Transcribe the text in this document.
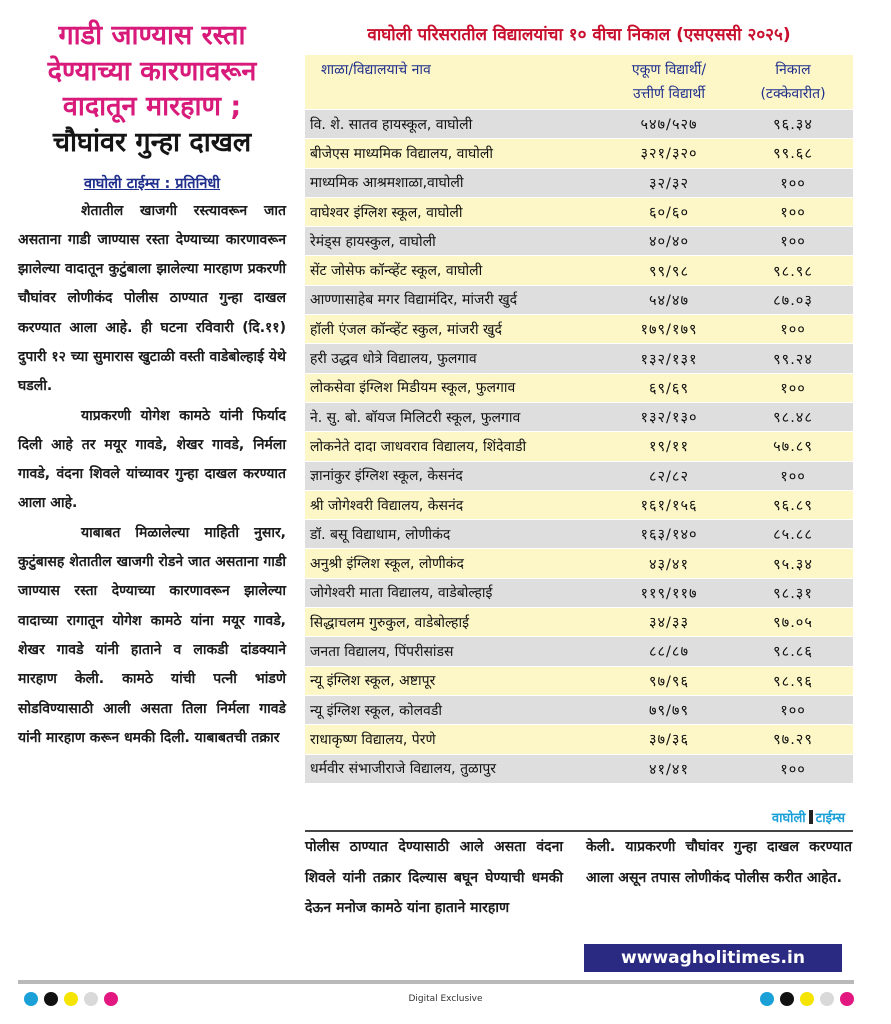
गाडी जाण्यास रस्ता
देण्याच्या कारणावरून
वादातून मारहाण ;
चौघांवर गुन्हा दाखल
वाघोली टाईम्स : प्रतिनिधी

शेतातील खाजगी रस्त्यावरून जात असताना गाडी जाण्यास रस्ता देण्याच्या कारणावरून झालेल्या वादातून कुटुंबाला झालेल्या मारहाण प्रकरणी चौघांवर लोणीकंद पोलीस ठाण्यात गुन्हा दाखल करण्यात आला आहे. ही घटना रविवारी (दि.११) दुपारी १२ च्या सुमारास खुटाळी वस्ती वाडेबोल्हाई येथे घडली.

याप्रकरणी योगेश कामठे यांनी फिर्याद दिली आहे तर मयूर गावडे, शेखर गावडे, निर्मला गावडे, वंदना शिवले यांच्यावर गुन्हा दाखल करण्यात आला आहे.

याबाबत मिळालेल्या माहिती नुसार, कुटुंबासह शेतातील खाजगी रोडने जात असताना गाडी जाण्यास रस्ता देण्याच्या कारणावरून झालेल्या वादाच्या रागातून योगेश कामठे यांना मयूर गावडे, शेखर गावडे यांनी हाताने व लाकडी दांडक्याने मारहाण केली. कामठे यांची पत्नी भांडणे सोडविण्यासाठी आली असता तिला निर्मला गावडे यांनी मारहाण करून धमकी दिली. याबाबतची तक्रार

वाघोली परिसरातील विद्यालयांचा १० वीचा निकाल (एसएससी २०२५)
शाळा/विद्यालयाचे नाव	एकूण विद्यार्थी/
उत्तीर्ण विद्यार्थी	निकाल
(टक्केवारीत)
वि. शे. सातव हायस्कूल, वाघोली	५४७/५२७	९६.३४
बीजेएस माध्यमिक विद्यालय, वाघोली	३२१/३२०	९९.६८
माध्यमिक आश्रमशाळा,वाघोली	३२/३२	१००
वाघेश्वर इंग्लिश स्कूल, वाघोली	६०/६०	१००
रेमंड्स हायस्कुल, वाघोली	४०/४०	१००
सेंट जोसेफ कॉन्व्हेंट स्कूल, वाघोली	९९/९८	९८.९८
आण्णासाहेब मगर विद्यामंदिर, मांजरी खुर्द	५४/४७	८७.०३
हॉली एंजल कॉन्व्हेंट स्कुल, मांजरी खुर्द	१७९/१७९	१००
हरी उद्धव धोत्रे विद्यालय, फुलगाव	१३२/१३१	९९.२४
लोकसेवा इंग्लिश मिडीयम स्कूल, फुलगाव	६९/६९	१००
ने. सु. बो. बॉयज मिलिटरी स्कूल, फुलगाव	१३२/१३०	९८.४८
लोकनेते दादा जाधवराव विद्यालय, शिंदेवाडी	१९/११	५७.८९
ज्ञानांकुर इंग्लिश स्कूल, केसनंद	८२/८२	१००
श्री जोगेश्वरी विद्यालय, केसनंद	१६१/१५६	९६.८९
डॉ. बसू विद्याधाम, लोणीकंद	१६३/१४०	८५.८८
अनुश्री इंग्लिश स्कूल, लोणीकंद	४३/४१	९५.३४
जोगेश्वरी माता विद्यालय, वाडेबोल्हाई	११९/११७	९८.३१
सिद्धाचलम गुरुकुल, वाडेबोल्हाई	३४/३३	९७.०५
जनता विद्यालय, पिंपरीसांडस	८८/८७	९८.८६
न्यू इंग्लिश स्कूल, अष्टापूर	९७/९६	९८.९६
न्यू इंग्लिश स्कूल, कोलवडी	७९/७९	१००
राधाकृष्ण विद्यालय, पेरणे	३७/३६	९७.२९
धर्मवीर संभाजीराजे विद्यालय, तुळापुर	४१/४१	१००
वाघोली टाईम्स
पोलीस ठाण्यात देण्यासाठी आले असता वंदना शिवले यांनी तक्रार दिल्यास बघून घेण्याची धमकी देऊन मनोज कामठे यांना हाताने मारहाण
केली. याप्रकरणी चौघांवर गुन्हा दाखल करण्यात आला असून तपास लोणीकंद पोलीस करीत आहेत.
wwwagholitimes.in
Digital Exclusive
